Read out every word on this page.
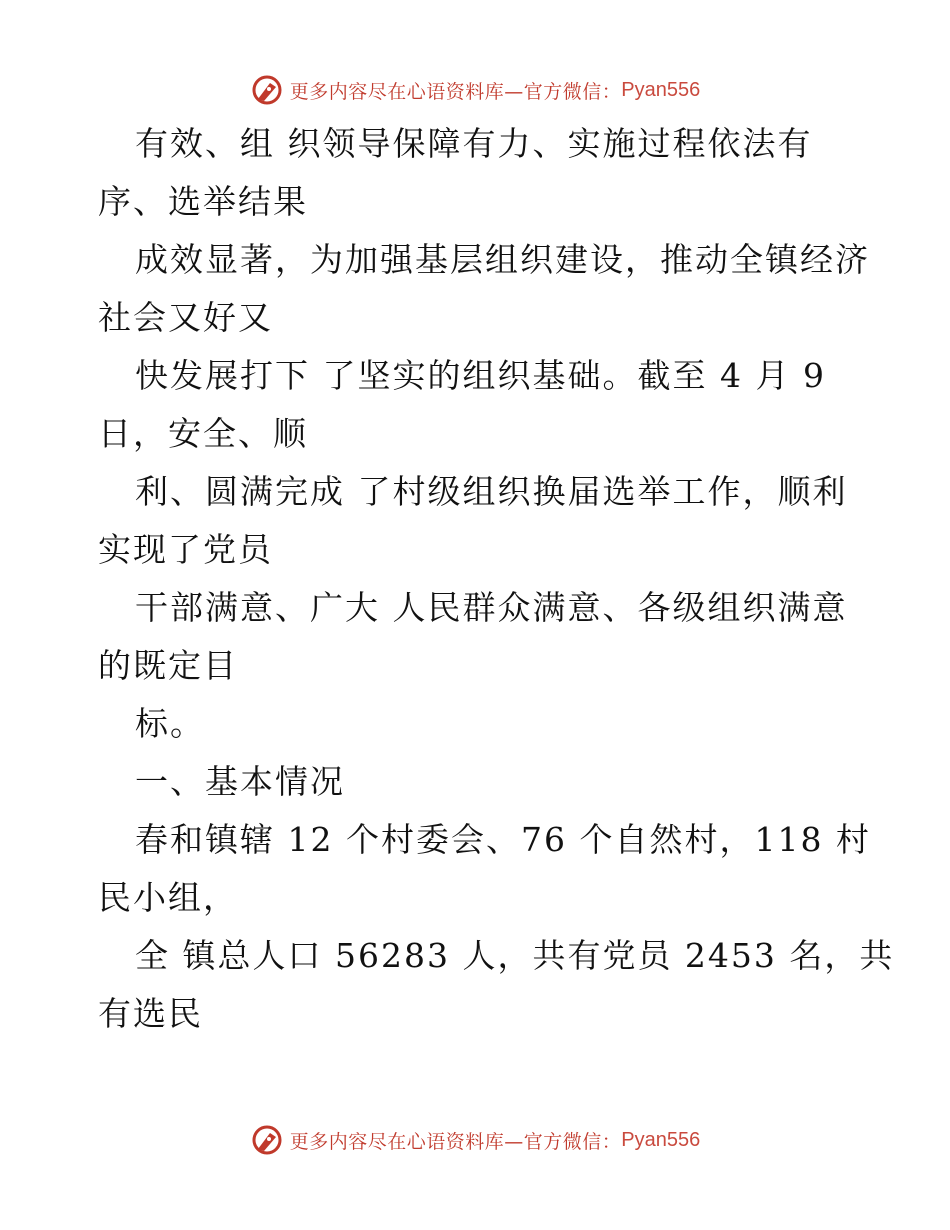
更多内容尽在心语资料库—官方微信： Pyan556
有效、组 织领导保障有力、实施过程依法有
序、选举结果
成效显著，为加强基层组织建设，推动全镇经济
社会又好又
快发展打下 了坚实的组织基础。截至 4 月 9
日，安全、顺
利、圆满完成 了村级组织换届选举工作，顺利
实现了党员
干部满意、广大 人民群众满意、各级组织满意
的既定目
标。
一、基本情况
春和镇辖 12 个村委会、76 个自然村，118 村
民小组，
全 镇总人口 56283 人，共有党员 2453 名，共
有选民
更多内容尽在心语资料库—官方微信： Pyan556
